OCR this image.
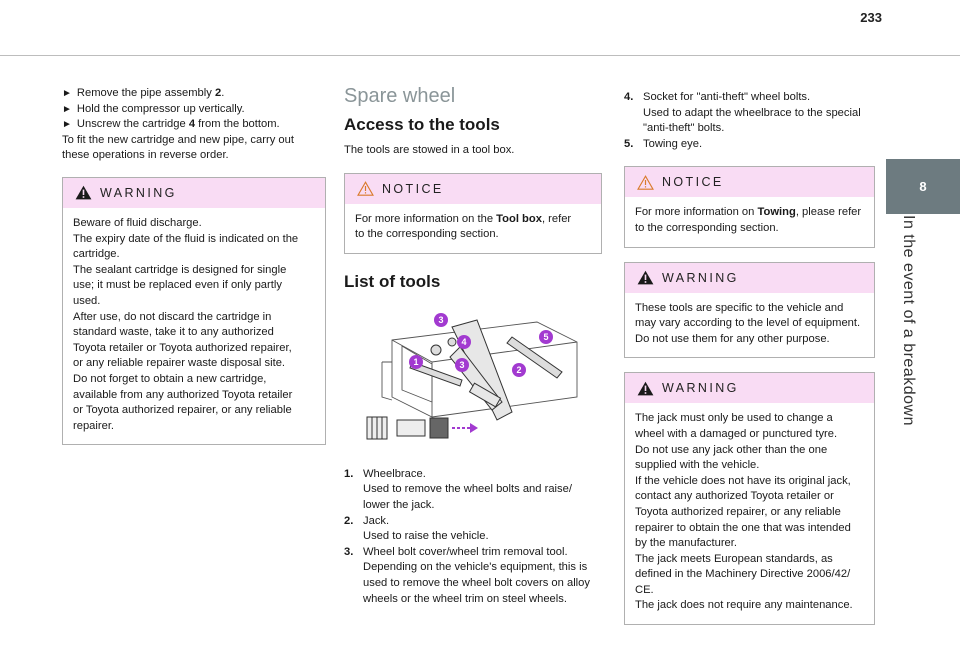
233
8
In the event of a breakdown
► Remove the pipe assembly 2.
► Hold the compressor up vertically.
► Unscrew the cartridge 4 from the bottom.
To fit the new cartridge and new pipe, carry out
these operations in reverse order.
WARNING
Beware of fluid discharge.
The expiry date of the fluid is indicated on the
cartridge.
The sealant cartridge is designed for single
use; it must be replaced even if only partly
used.
After use, do not discard the cartridge in
standard waste, take it to any authorized
Toyota retailer or Toyota authorized repairer,
or any reliable repairer waste disposal site.
Do not forget to obtain a new cartridge,
available from any authorized Toyota retailer
or Toyota authorized repairer, or any reliable
repairer.
Spare wheel
Access to the tools
The tools are stowed in a tool box.
NOTICE
For more information on the Tool box, refer
to the corresponding section.
List of tools
1
2
3
3
4	5
1. Wheelbrace.
Used to remove the wheel bolts and raise/
lower the jack.
2. Jack.
Used to raise the vehicle.
3. Wheel bolt cover/wheel trim removal tool.
Depending on the vehicle's equipment, this is
used to remove the wheel bolt covers on alloy
wheels or the wheel trim on steel wheels.
4. Socket for "anti-theft" wheel bolts.
Used to adapt the wheelbrace to the special
"anti-theft" bolts.
5. Towing eye.
NOTICE
For more information on Towing, please refer
to the corresponding section.
WARNING
These tools are specific to the vehicle and
may vary according to the level of equipment.
Do not use them for any other purpose.
WARNING
The jack must only be used to change a
wheel with a damaged or punctured tyre.
Do not use any jack other than the one
supplied with the vehicle.
If the vehicle does not have its original jack,
contact any authorized Toyota retailer or
Toyota authorized repairer, or any reliable
repairer to obtain the one that was intended
by the manufacturer.
The jack meets European standards, as
defined in the Machinery Directive 2006/42/
CE.
The jack does not require any maintenance.
